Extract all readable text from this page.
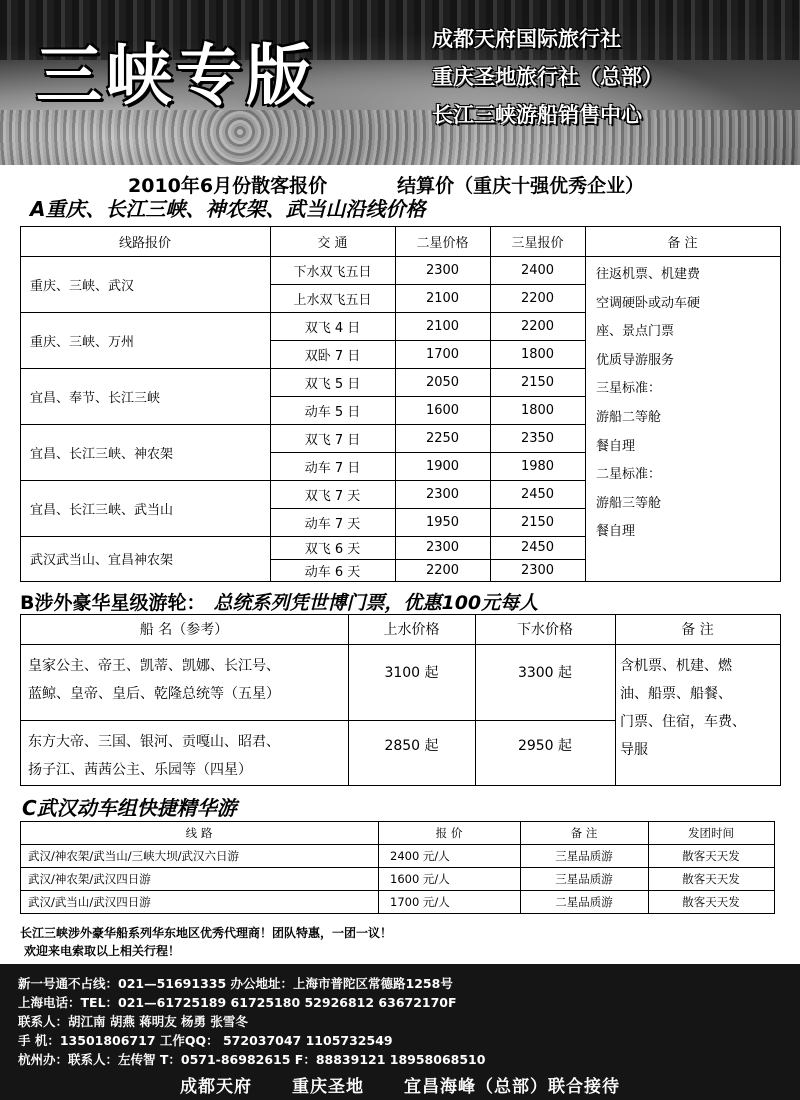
三峡专版	成都天府国际旅行社
重庆圣地旅行社（总部）
长江三峡游船销售中心
2010年6月份散客报价	结算价（重庆十强优秀企业）
A重庆、长江三峡、神农架、武当山沿线价格
线路报价	交 通	二星价格	三星报价	备 注
重庆、三峡、武汉
下水双飞五日	2300	2400
上水双飞五日	2100	2200
重庆、三峡、万州
双飞 4 日	2100	2200
双卧 7 日	1700	1800
宜昌、奉节、长江三峡
双飞 5 日	2050	2150
动车 5 日	1600	1800
宜昌、长江三峡、神农架
双飞 7 日	2250	2350
动车 7 日	1900	1980
宜昌、长江三峡、武当山
双飞 7 天	2300	2450
动车 7 天	1950	2150
武汉武当山、宜昌神农架
双飞 6 天	2300	2450
动车 6 天	2200	2300
往返机票、机建费
空调硬卧或动车硬
座、景点门票
优质导游服务
三星标准：
游船二等舱
餐自理
二星标准：
游船三等舱
餐自理
B涉外豪华星级游轮： 总统系列凭世博门票，优惠100元每人
船 名（参考）	上水价格	下水价格	备 注
皇家公主、帝王、凯蒂、凯娜、长江号、
蓝鲸、皇帝、皇后、乾隆总统等（五星）
3100 起	3300 起
东方大帝、三国、银河、贡嘎山、昭君、
扬子江、茜茜公主、乐园等（四星）
2850 起	2950 起
含机票、机建、燃
油、船票、船餐、
门票、住宿，车费、
导服
C武汉动车组快捷精华游
线 路	报 价	备 注	发团时间
武汉/神农架/武当山/三峡大坝/武汉六日游	2400 元/人	三星品质游	散客天天发
武汉/神农架/武汉四日游	1600 元/人	三星品质游	散客天天发
武汉/武当山/武汉四日游	1700 元/人	二星品质游	散客天天发
长江三峡涉外豪华船系列华东地区优秀代理商！团队特惠，一团一议！
欢迎来电索取以上相关行程！
新一号通不占线：021—51691335 办公地址：上海市普陀区常德路1258号
上海电话：TEL：021—61725189 61725180 52926812 63672170F
联系人：胡江南 胡燕 蒋明友 杨勇 张雪冬
手 机：13501806717 工作QQ： 572037047 1105732549
杭州办：联系人：左传智 T：0571-86982615 F：88839121 18958068510
成都天府 重庆圣地 宜昌海峰（总部）联合接待
